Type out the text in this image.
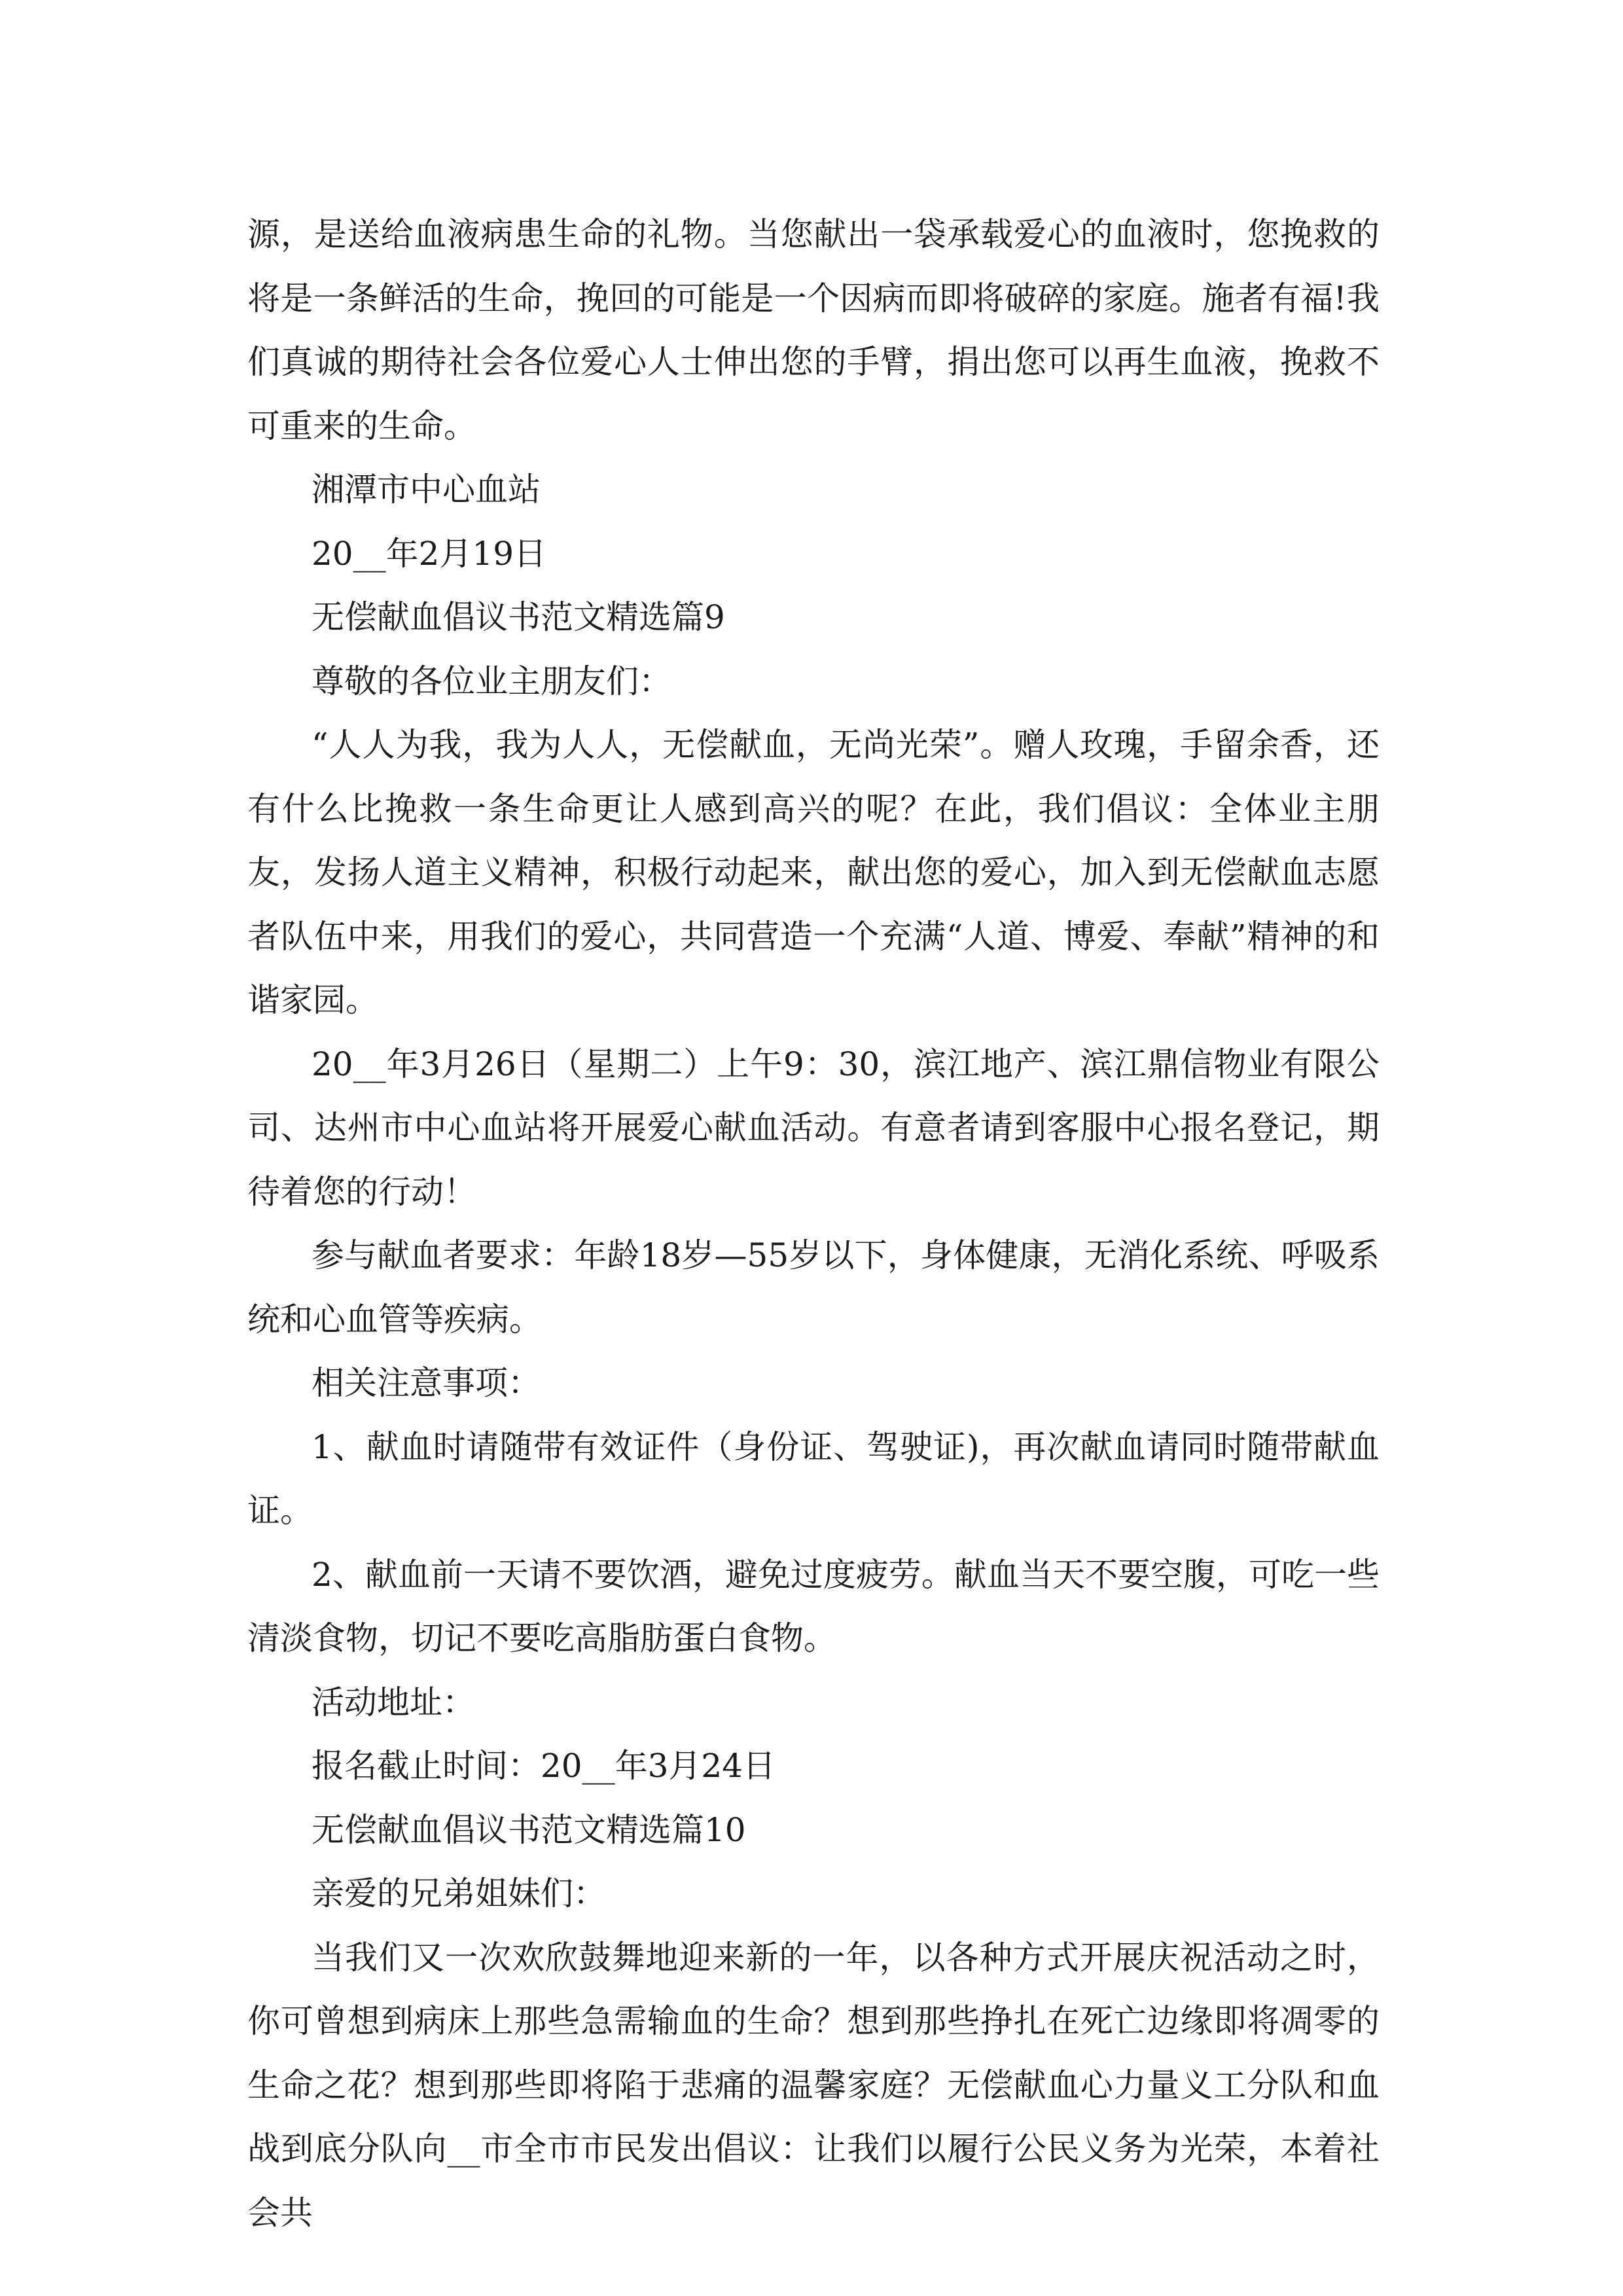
源，是送给血液病患生命的礼物。当您献出一袋承载爱心的血液时，您挽救的将是一条鲜活的生命，挽回的可能是一个因病而即将破碎的家庭。施者有福!我们真诚的期待社会各位爱心人士伸出您的手臂，捐出您可以再生血液，挽救不可重来的生命。

湘潭市中心血站

20__年2月19日

无偿献血倡议书范文精选篇9

尊敬的各位业主朋友们：

“人人为我，我为人人，无偿献血，无尚光荣”。赠人玫瑰，手留余香，还有什么比挽救一条生命更让人感到高兴的呢？在此，我们倡议：全体业主朋友，发扬人道主义精神，积极行动起来，献出您的爱心，加入到无偿献血志愿者队伍中来，用我们的爱心，共同营造一个充满“人道、博爱、奉献”精神的和谐家园。

20__年3月26日（星期二）上午9：30，滨江地产、滨江鼎信物业有限公司、达州市中心血站将开展爱心献血活动。有意者请到客服中心报名登记，期待着您的行动！

参与献血者要求：年龄18岁—55岁以下，身体健康，无消化系统、呼吸系统和心血管等疾病。

相关注意事项：

1、献血时请随带有效证件（身份证、驾驶证)，再次献血请同时随带献血证。

2、献血前一天请不要饮酒，避免过度疲劳。献血当天不要空腹，可吃一些清淡食物，切记不要吃高脂肪蛋白食物。

活动地址：

报名截止时间：20__年3月24日

无偿献血倡议书范文精选篇10

亲爱的兄弟姐妹们：

当我们又一次欢欣鼓舞地迎来新的一年，以各种方式开展庆祝活动之时，你可曾想到病床上那些急需输血的生命？想到那些挣扎在死亡边缘即将凋零的生命之花？想到那些即将陷于悲痛的温馨家庭？无偿献血心力量义工分队和血战到底分队向__市全市市民发出倡议：让我们以履行公民义务为光荣，本着社会共
